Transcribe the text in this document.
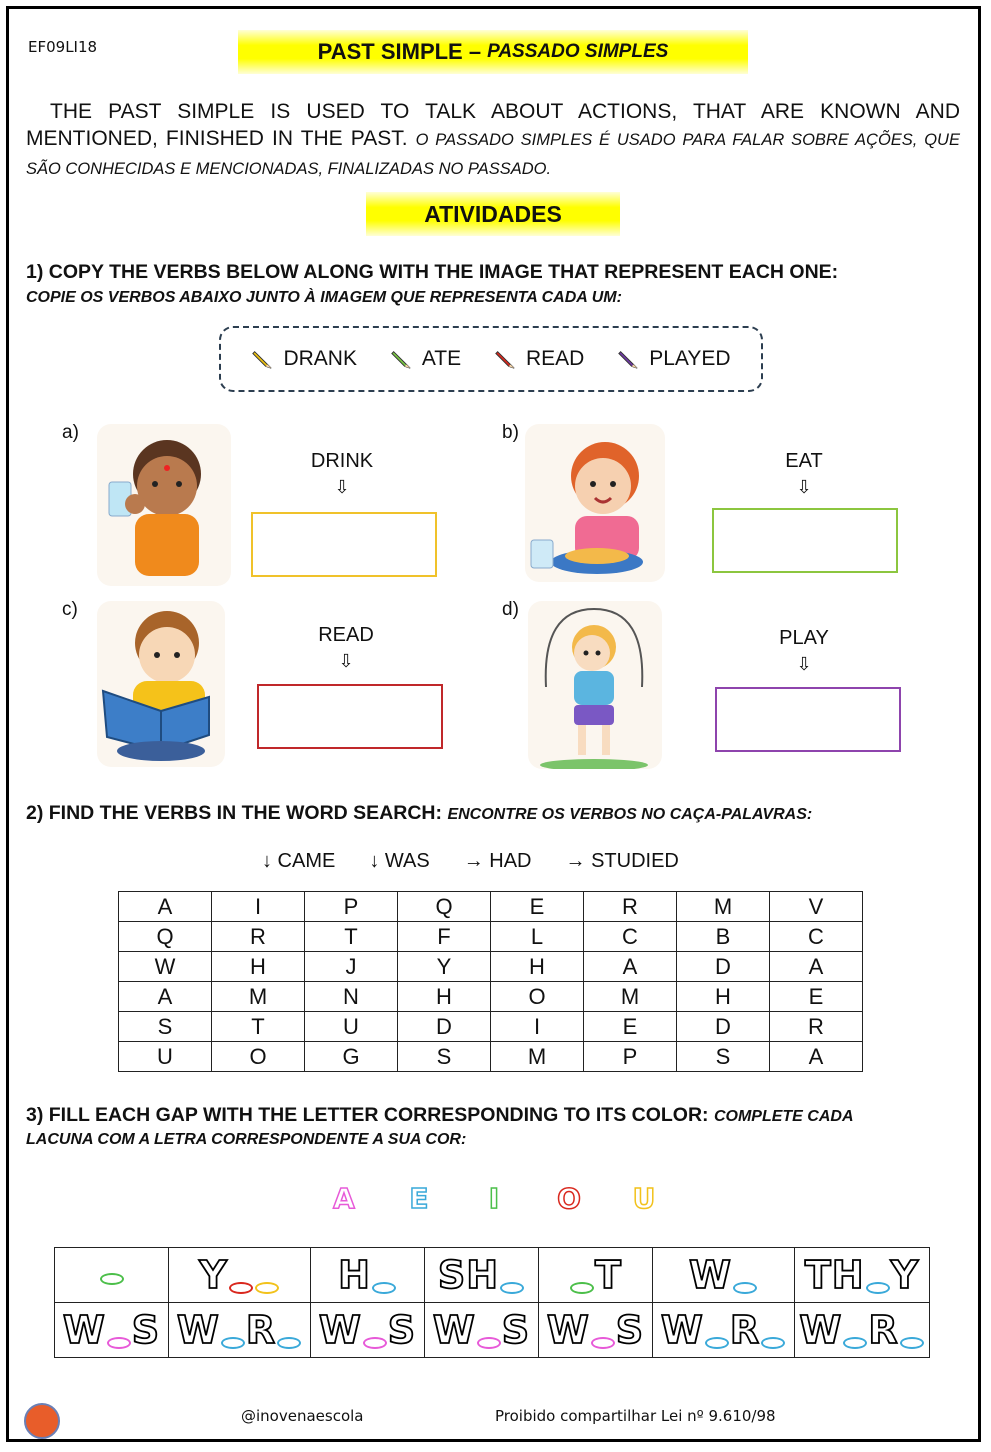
EF09LI18	PAST SIMPLE – PASSADO SIMPLES
THE PAST SIMPLE IS USED TO TALK ABOUT ACTIONS, THAT ARE KNOWN AND MENTIONED, FINISHED IN THE PAST. O PASSADO SIMPLES É USADO PARA FALAR SOBRE AÇÕES, QUE SÃO CONHECIDAS E MENCIONADAS, FINALIZADAS NO PASSADO.
ATIVIDADES
1) COPY THE VERBS BELOW ALONG WITH THE IMAGE THAT REPRESENT EACH ONE:
COPIE OS VERBOS ABAIXO JUNTO À IMAGEM QUE REPRESENTA CADA UM:
DRANK	ATE	READ	PLAYED
a)
DRINK
⇩
b)
EAT
⇩
c)
READ
⇩
d)
PLAY
⇩
2) FIND THE VERBS IN THE WORD SEARCH: ENCONTRE OS VERBOS NO CAÇA-PALAVRAS:
↓ CAME ↓ WAS → HAD → STUDIED
A	I	P	Q	E	R	M	V
Q	R	T	F	L	C	B	C
W	H	J	Y	H	A	D	A
A	M	N	H	O	M	H	E
S	T	U	D	I	E	D	R
U	O	G	S	M	P	S	A
3) FILL EACH GAP WITH THE LETTER CORRESPONDING TO ITS COLOR: COMPLETE CADA
LACUNA COM A LETRA CORRESPONDENTE A SUA COR:
A E	I	O U
	Y	H	SH	T	W	TH Y
W S	W R	W S	W S	W S	W R	W R
@inovenaescola	Proibido compartilhar Lei nº 9.610/98
